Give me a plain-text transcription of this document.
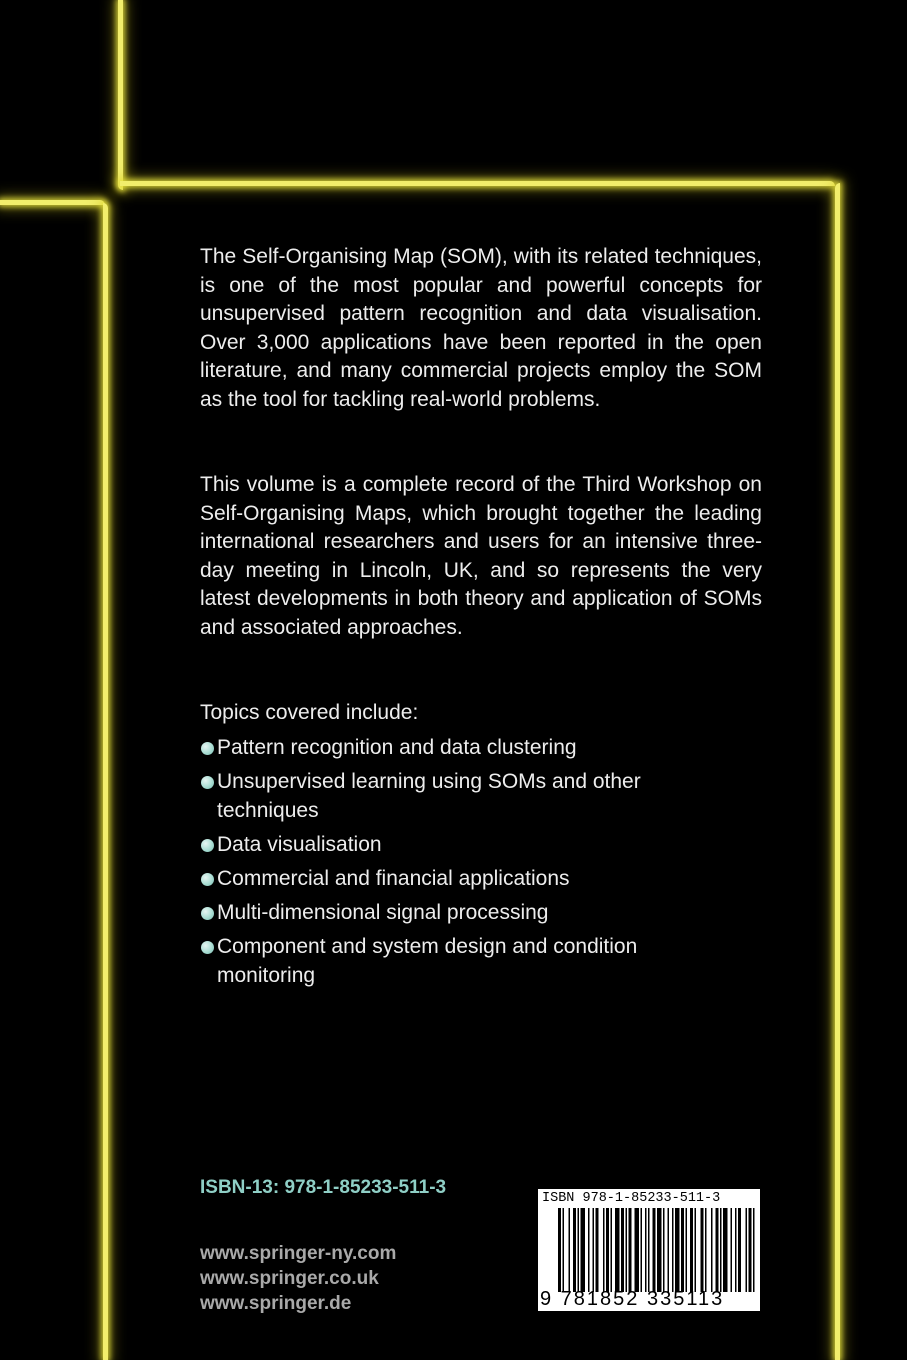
The Self-Organising Map (SOM), with its related techniques, is one of the most popular and powerful concepts for unsupervised pattern recognition and data visualisation. Over 3,000 applications have been reported in the open literature, and many commercial projects employ the SOM as the tool for tackling real-world problems.

This volume is a complete record of the Third Workshop on Self-Organising Maps, which brought together the leading international researchers and users for an intensive three-day meeting in Lincoln, UK, and so represents the very latest developments in both theory and application of SOMs and associated approaches.

Topics covered include:

Pattern recognition and data clustering
Unsupervised learning using SOMs and other techniques
Data visualisation
Commercial and financial applications
Multi-dimensional signal processing
Component and system design and condition monitoring

ISBN-13: 978-1-85233-511-3

www.springer-ny.com
www.springer.co.uk
www.springer.de
ISBN 978-1-85233-511-3
9 781852 335113
